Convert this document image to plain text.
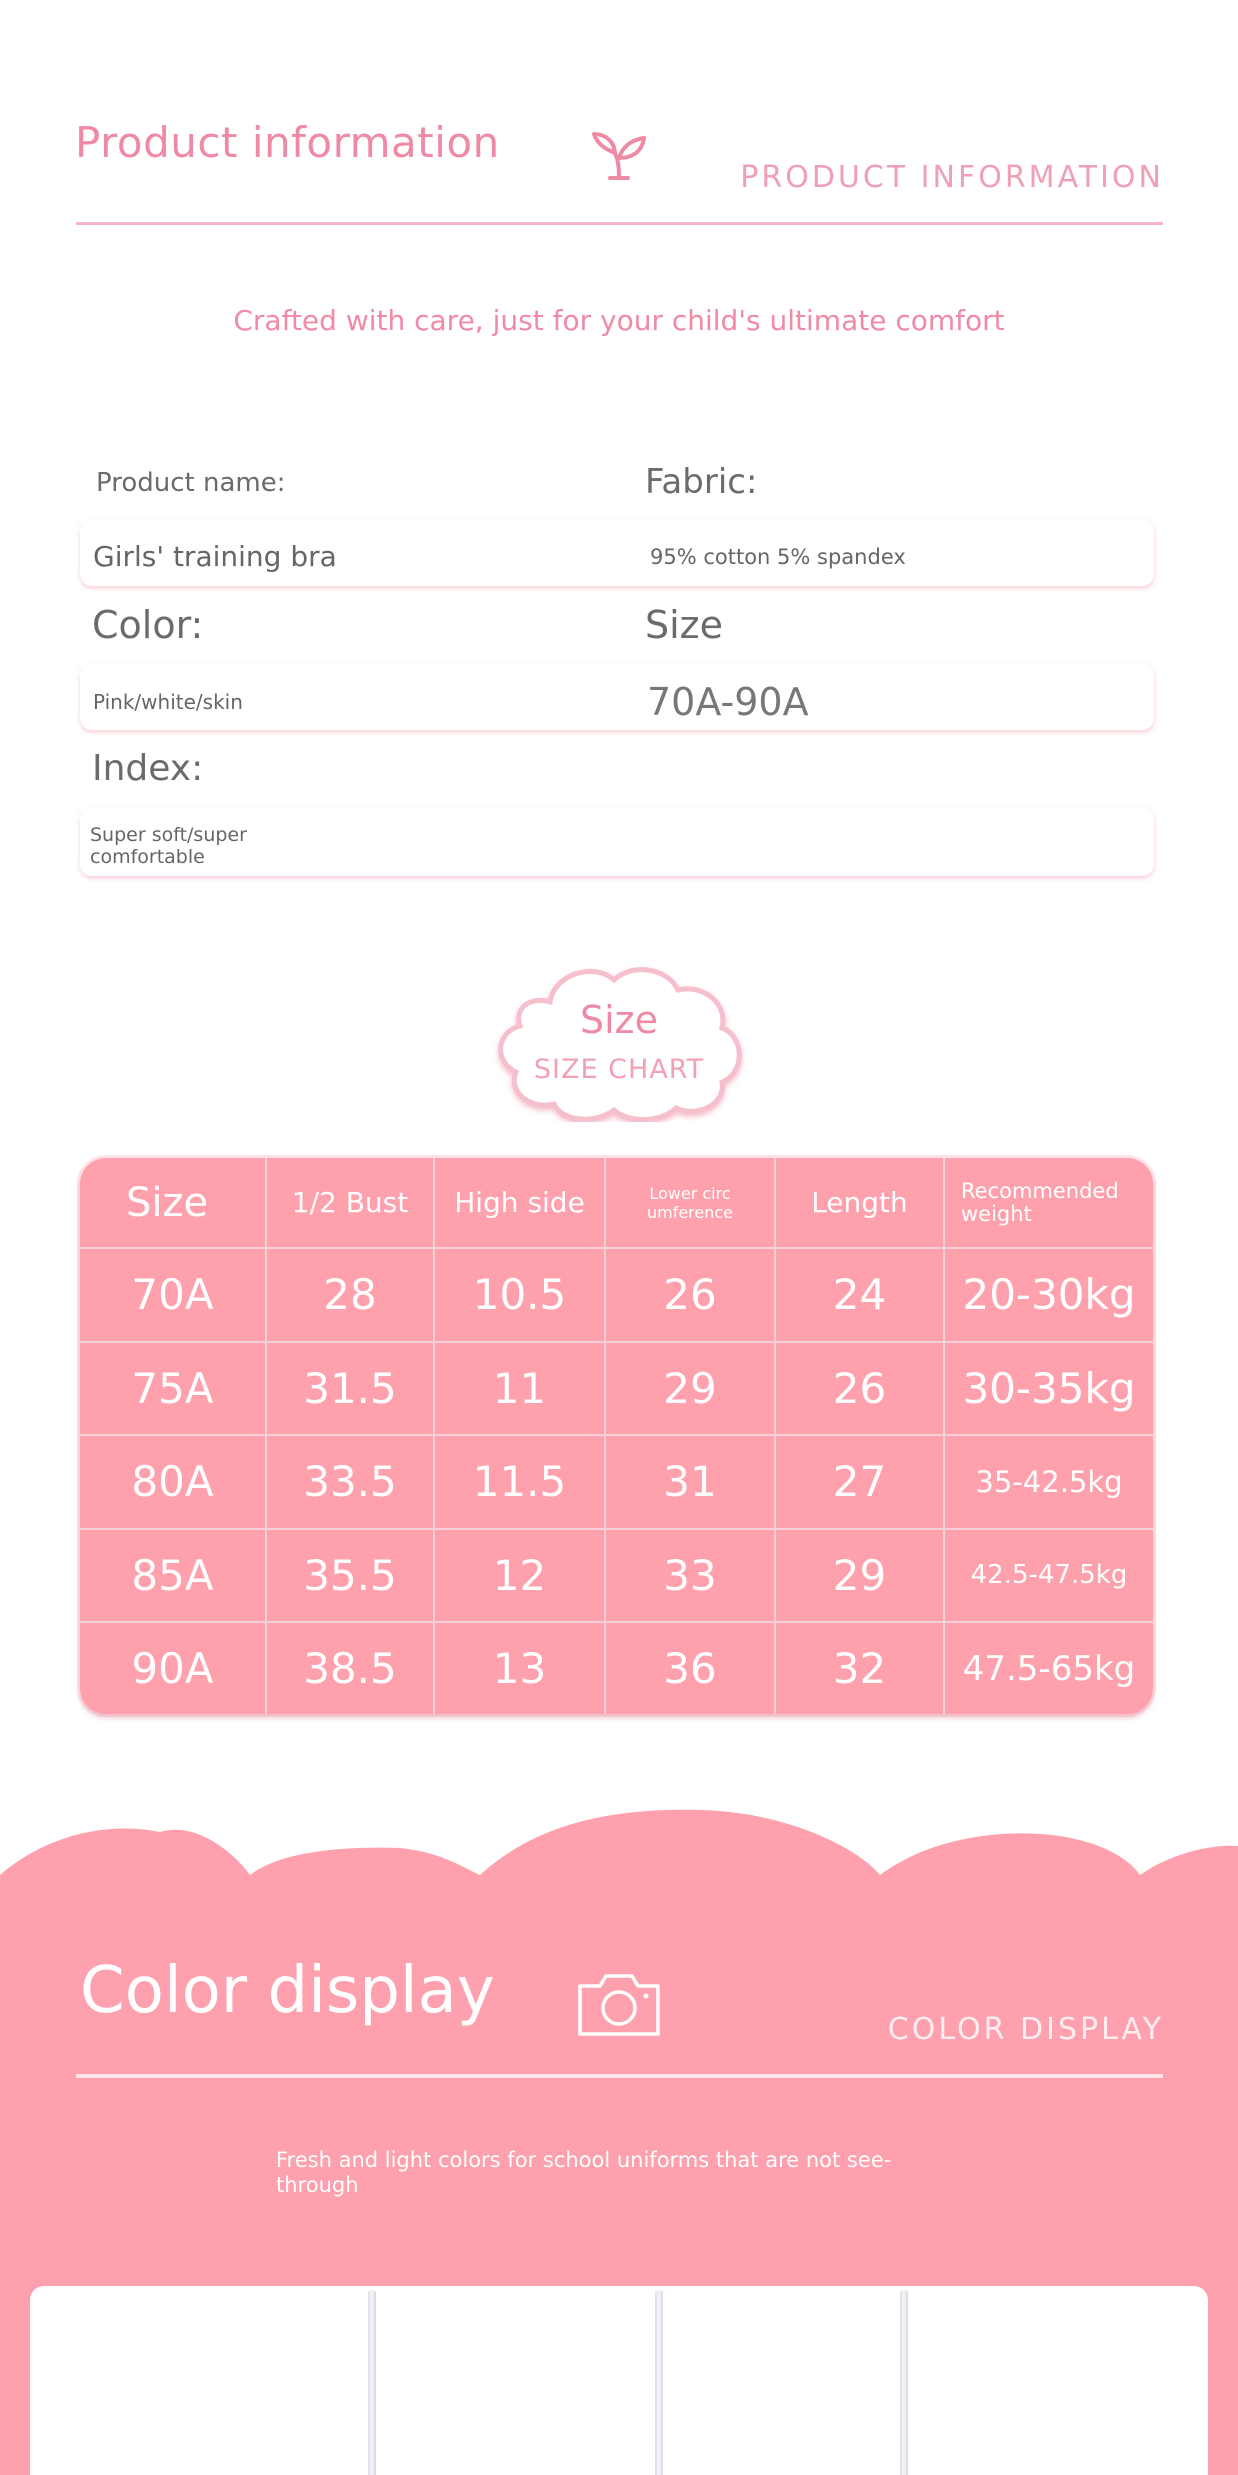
Product information
PRODUCT INFORMATION
Crafted with care, just for your child's ultimate comfort
Product name:	Fabric:
Girls' training bra	95% cotton 5% spandex
Color:	Size
Pink/white/skin	70A-90A
Index:
Super soft/super comfortable
Size
SIZE CHART
Size	1/2 Bust	High side	Lower circ umference	Length	Recommended weight
70A	28	10.5	26	24	20-30kg
75A	31.5	11	29	26	30-35kg
80A	33.5	11.5	31	27	35-42.5kg
85A	35.5	12	33	29	42.5-47.5kg
90A	38.5	13	36	32	47.5-65kg
Color display
COLOR DISPLAY
Fresh and light colors for school uniforms that are not see-through
